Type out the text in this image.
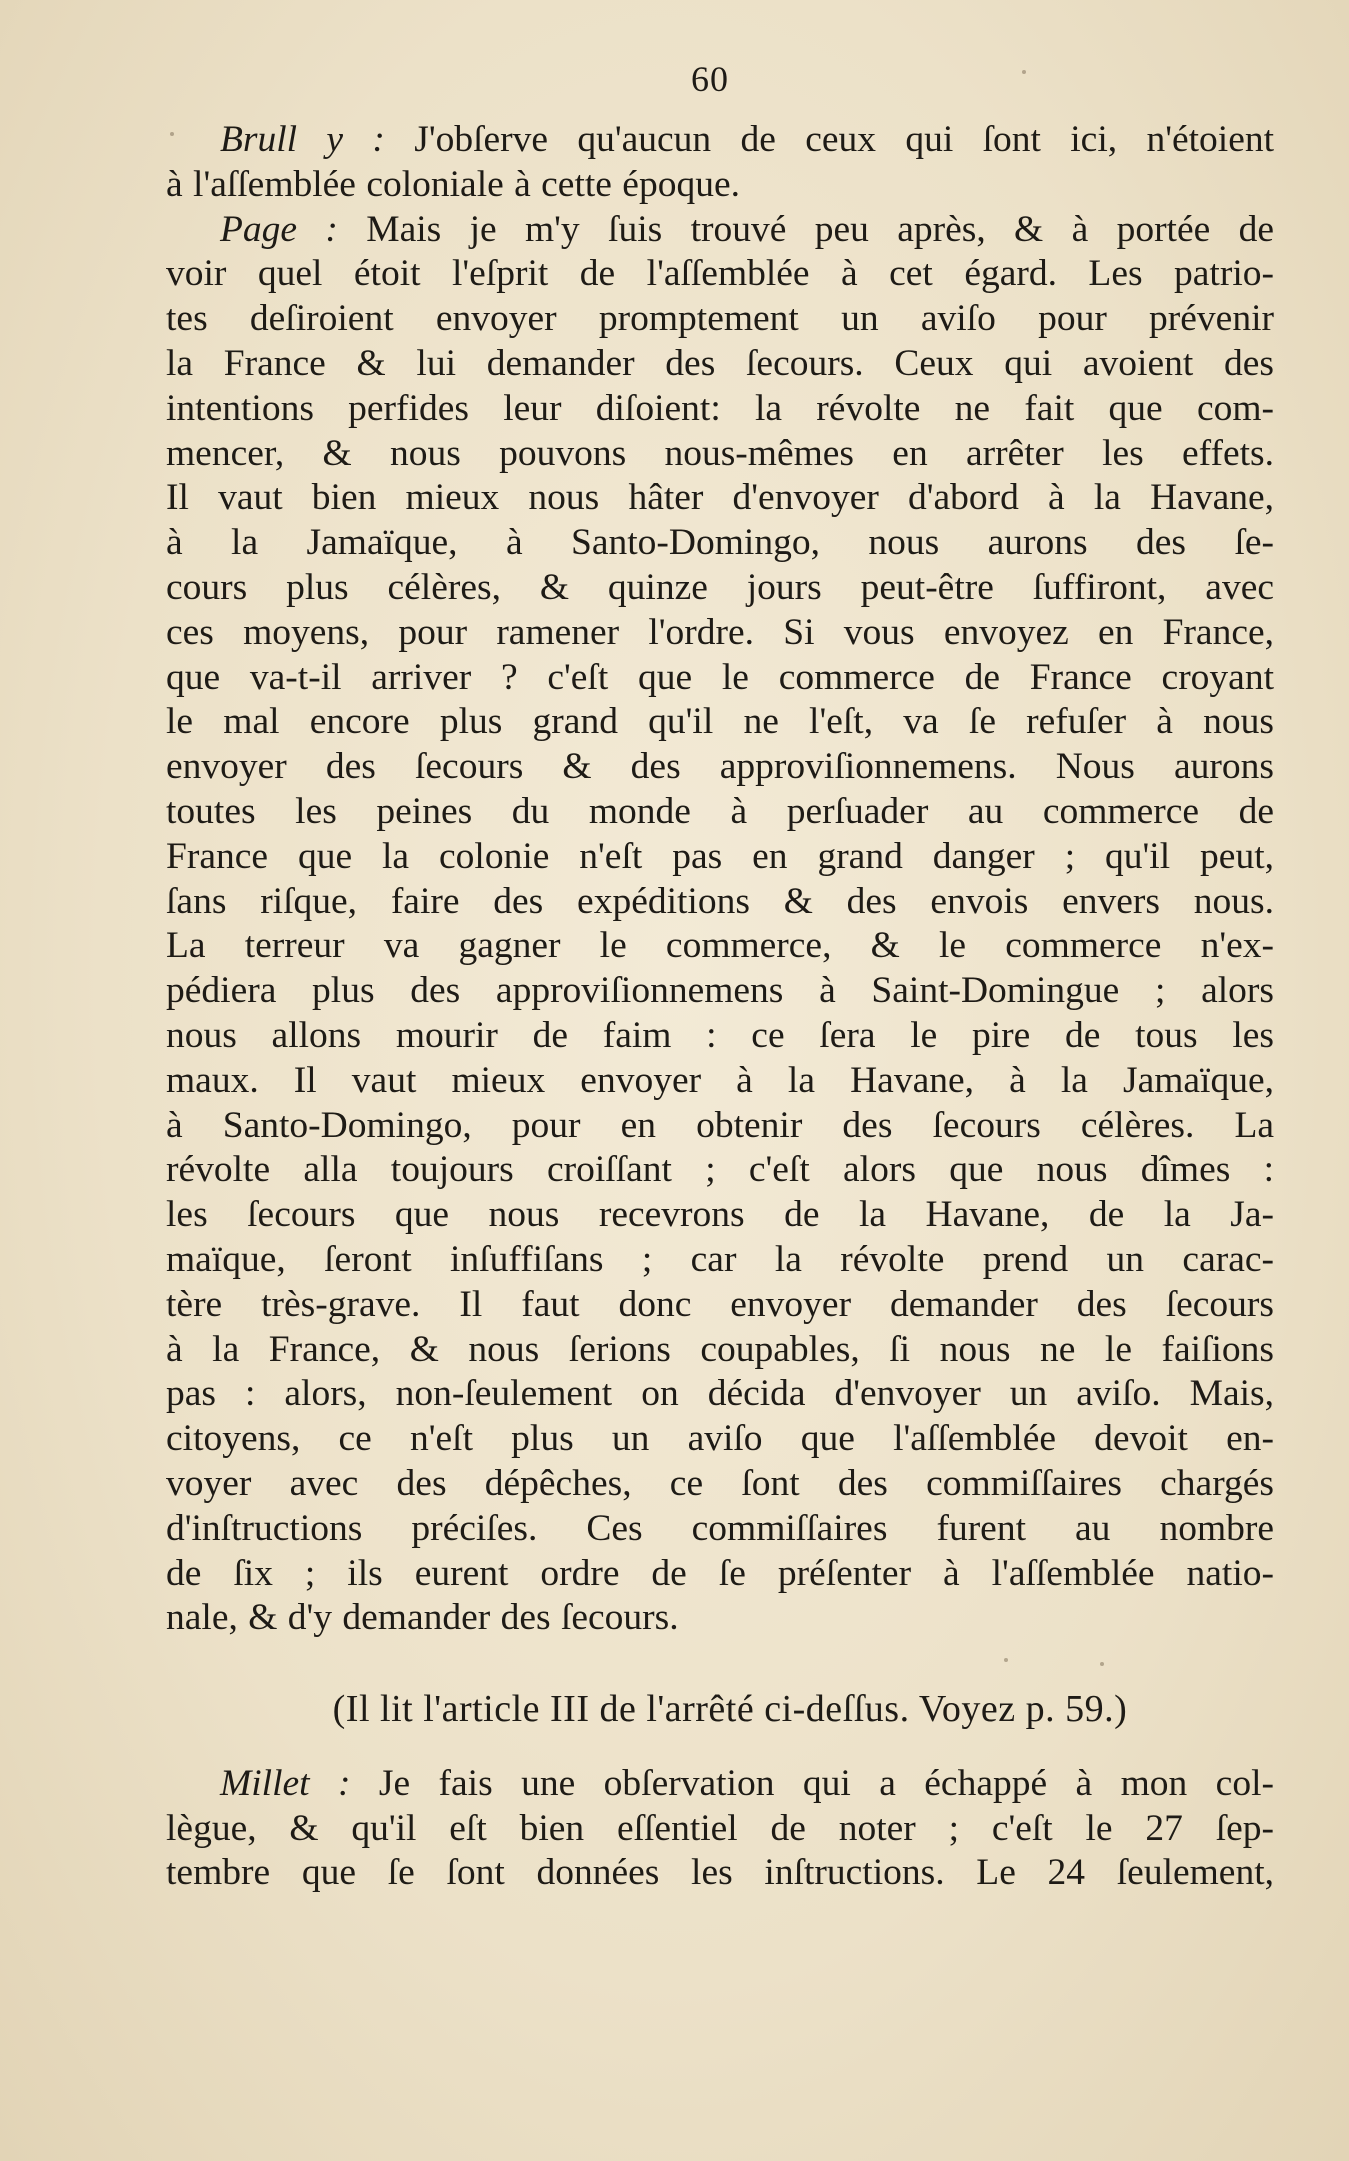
60
Brull y : J'obſerve qu'aucun de ceux qui ſont ici, n'étoient
à l'aſſemblée coloniale à cette époque.
Page : Mais je m'y ſuis trouvé peu après, & à portée de
voir quel étoit l'eſprit de l'aſſemblée à cet égard. Les patrio-
tes deſiroient envoyer promptement un aviſo pour prévenir
la France & lui demander des ſecours. Ceux qui avoient des
intentions perfides leur diſoient: la révolte ne fait que com-
mencer, & nous pouvons nous-mêmes en arrêter les effets.
Il vaut bien mieux nous hâter d'envoyer d'abord à la Havane,
à la Jamaïque, à Santo-Domingo, nous aurons des ſe-
cours plus célères, & quinze jours peut-être ſuffiront, avec
ces moyens, pour ramener l'ordre. Si vous envoyez en France,
que va-t-il arriver ? c'eſt que le commerce de France croyant
le mal encore plus grand qu'il ne l'eſt, va ſe refuſer à nous
envoyer des ſecours & des approviſionnemens. Nous aurons
toutes les peines du monde à perſuader au commerce de
France que la colonie n'eſt pas en grand danger ; qu'il peut,
ſans riſque, faire des expéditions & des envois envers nous.
La terreur va gagner le commerce, & le commerce n'ex-
pédiera plus des approviſionnemens à Saint-Domingue ; alors
nous allons mourir de faim : ce ſera le pire de tous les
maux. Il vaut mieux envoyer à la Havane, à la Jamaïque,
à Santo-Domingo, pour en obtenir des ſecours célères. La
révolte alla toujours croiſſant ; c'eſt alors que nous dîmes :
les ſecours que nous recevrons de la Havane, de la Ja-
maïque, ſeront inſuffiſans ; car la révolte prend un carac-
tère très-grave. Il faut donc envoyer demander des ſecours
à la France, & nous ſerions coupables, ſi nous ne le faiſions
pas : alors, non-ſeulement on décida d'envoyer un aviſo. Mais,
citoyens, ce n'eſt plus un aviſo que l'aſſemblée devoit en-
voyer avec des dépêches, ce ſont des commiſſaires chargés
d'inſtructions préciſes. Ces commiſſaires furent au nombre
de ſix ; ils eurent ordre de ſe préſenter à l'aſſemblée natio-
nale, & d'y demander des ſecours.
(Il lit l'article III de l'arrêté ci-deſſus. Voyez p. 59.)
Millet : Je fais une obſervation qui a échappé à mon col-
lègue, & qu'il eſt bien eſſentiel de noter ; c'eſt le 27 ſep-
tembre que ſe ſont données les inſtructions. Le 24 ſeulement,
